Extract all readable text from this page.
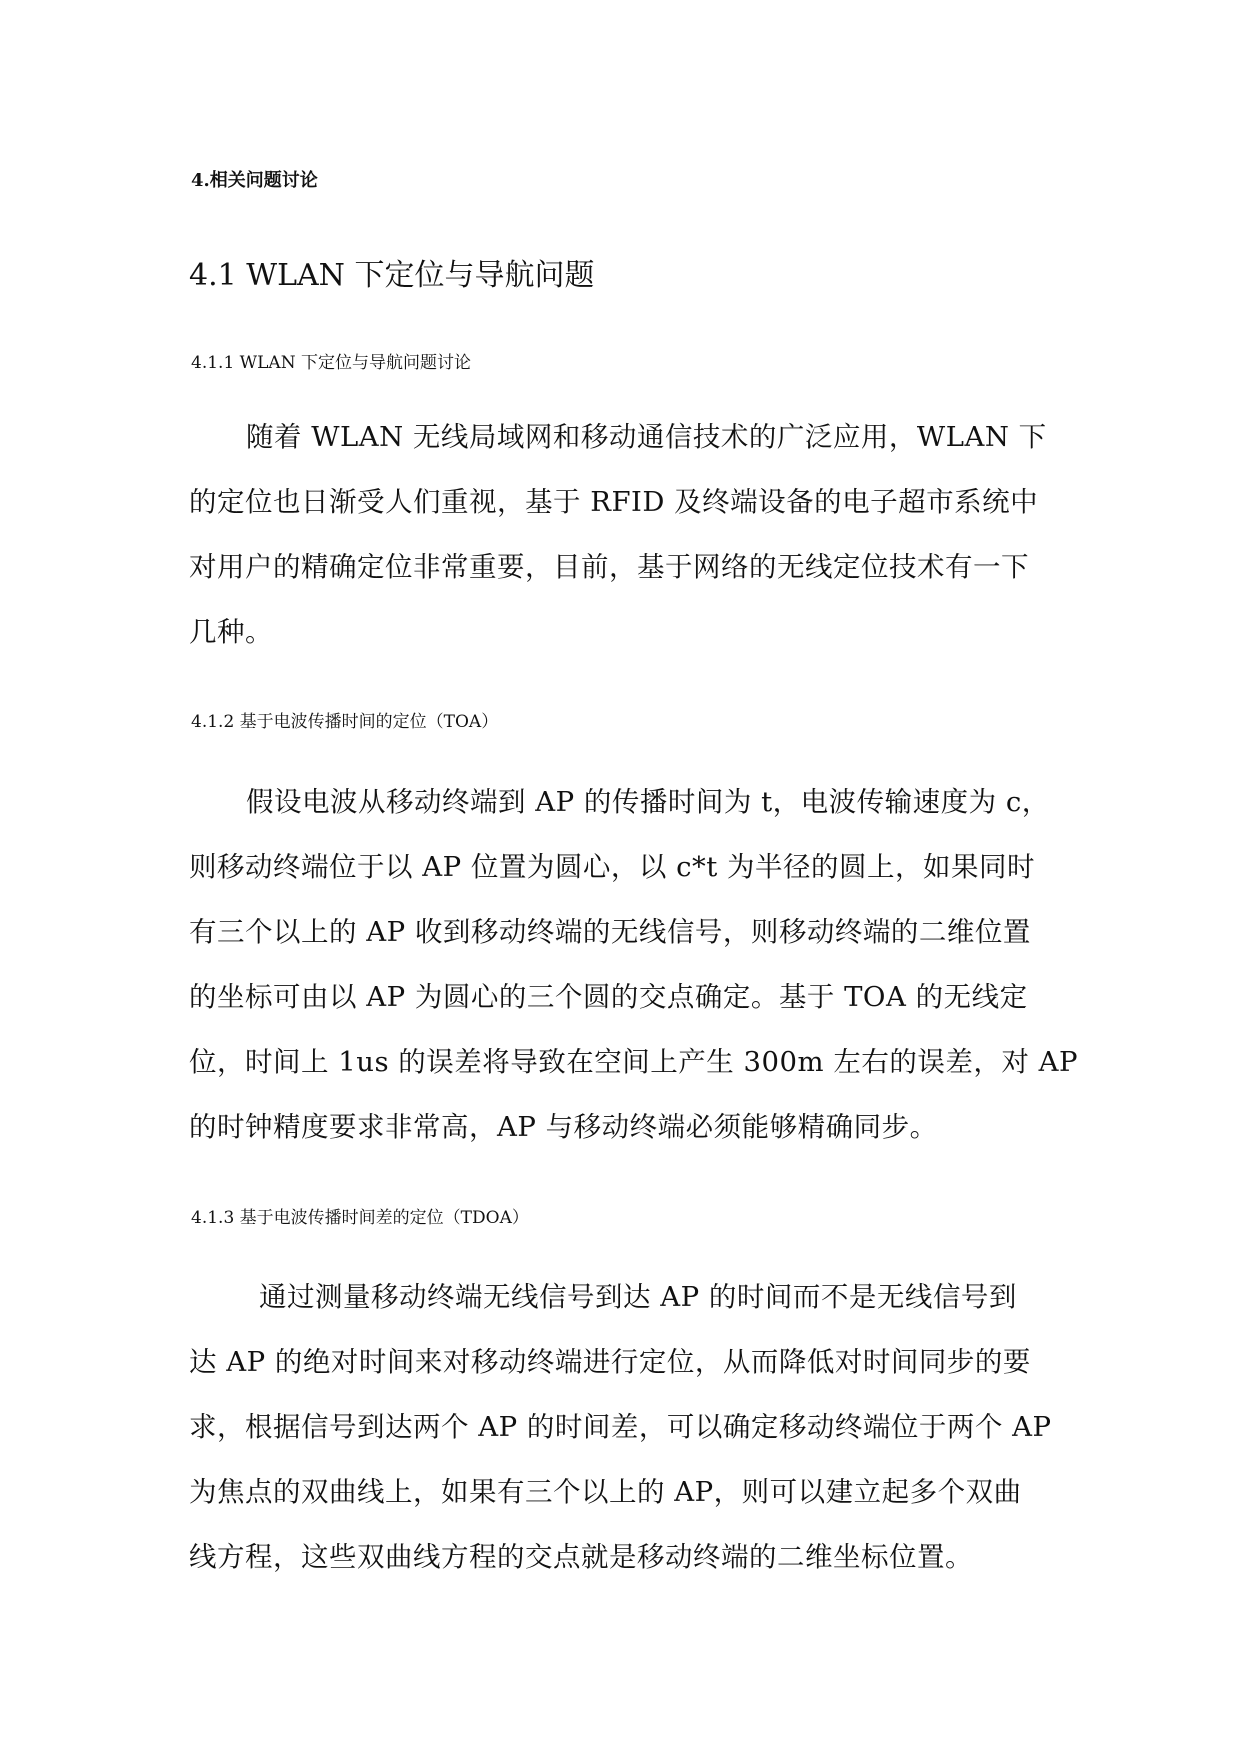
4.相关问题讨论
4.1 WLAN 下定位与导航问题
4.1.1 WLAN 下定位与导航问题讨论

随着 WLAN 无线局域网和移动通信技术的广泛应用，WLAN 下
的定位也日渐受人们重视，基于 RFID 及终端设备的电子超市系统中
对用户的精确定位非常重要，目前，基于网络的无线定位技术有一下
几种。

4.1.2 基于电波传播时间的定位（TOA）

假设电波从移动终端到 AP 的传播时间为 t，电波传输速度为 c，
则移动终端位于以 AP 位置为圆心，以 c*t 为半径的圆上，如果同时
有三个以上的 AP 收到移动终端的无线信号，则移动终端的二维位置
的坐标可由以 AP 为圆心的三个圆的交点确定。基于 TOA 的无线定
位，时间上 1us 的误差将导致在空间上产生 300m 左右的误差，对 AP
的时钟精度要求非常高，AP 与移动终端必须能够精确同步。

4.1.3 基于电波传播时间差的定位（TDOA）

通过测量移动终端无线信号到达 AP 的时间而不是无线信号到
达 AP 的绝对时间来对移动终端进行定位，从而降低对时间同步的要
求，根据信号到达两个 AP 的时间差，可以确定移动终端位于两个 AP
为焦点的双曲线上，如果有三个以上的 AP，则可以建立起多个双曲
线方程，这些双曲线方程的交点就是移动终端的二维坐标位置。
